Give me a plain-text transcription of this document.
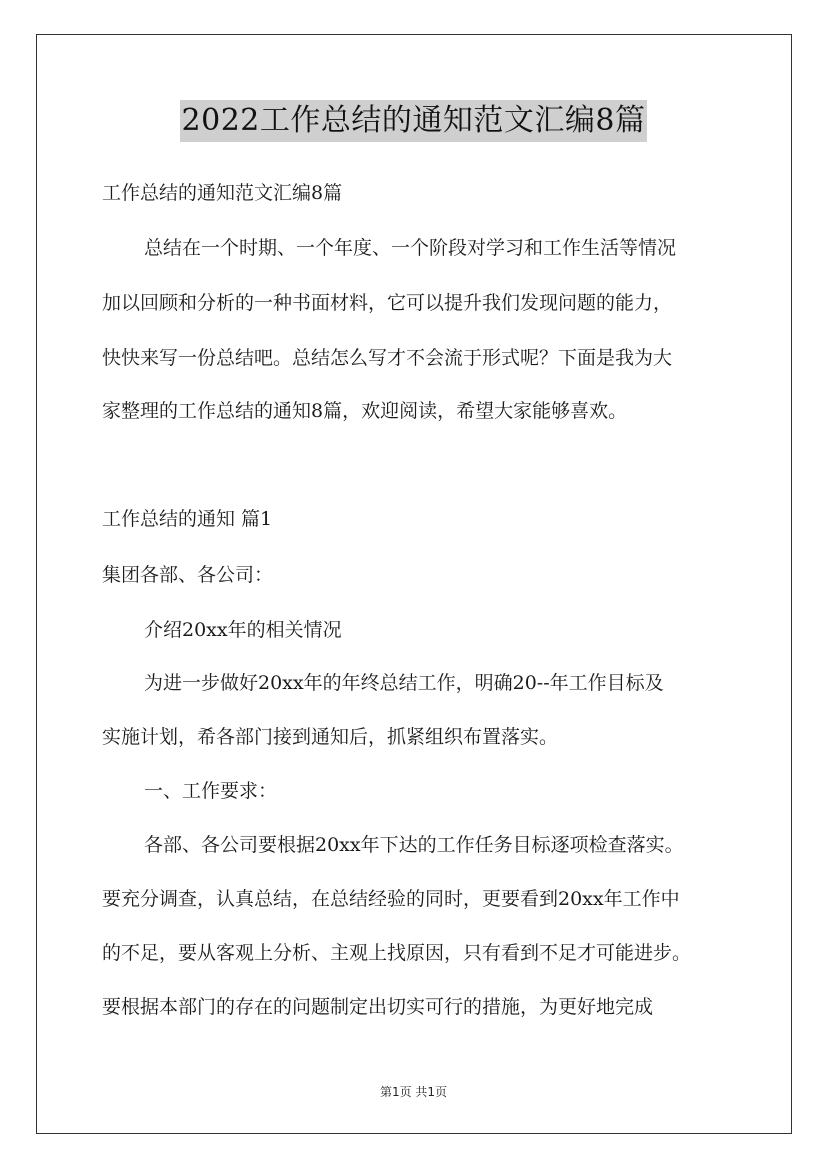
2022工作总结的通知范文汇编8篇
工作总结的通知范文汇编8篇
总结在一个时期、一个年度、一个阶段对学习和工作生活等情况
加以回顾和分析的一种书面材料，它可以提升我们发现问题的能力，
快快来写一份总结吧。总结怎么写才不会流于形式呢？下面是我为大
家整理的工作总结的通知8篇，欢迎阅读，希望大家能够喜欢。
工作总结的通知 篇1
集团各部、各公司：
介绍20xx年的相关情况
为进一步做好20xx年的年终总结工作，明确20--年工作目标及
实施计划，希各部门接到通知后，抓紧组织布置落实。
一、工作要求：
各部、各公司要根据20xx年下达的工作任务目标逐项检查落实。
要充分调查，认真总结，在总结经验的同时，更要看到20xx年工作中
的不足，要从客观上分析、主观上找原因，只有看到不足才可能进步。
要根据本部门的存在的问题制定出切实可行的措施，为更好地完成
第1页 共1页
